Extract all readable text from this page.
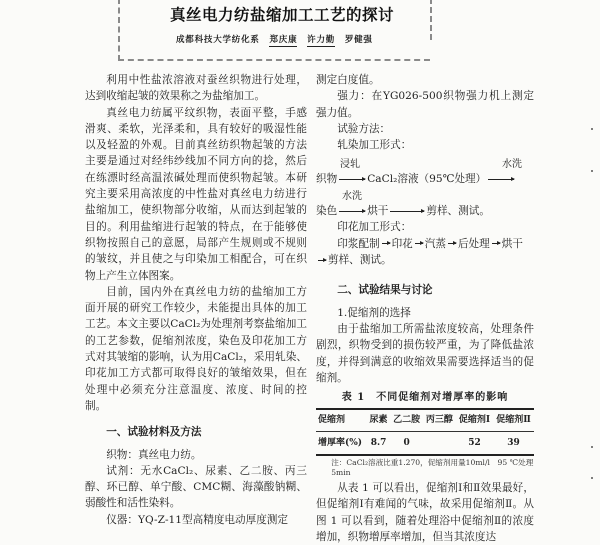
真丝电力纺盐缩加工工艺的探讨
成都科技大学纺化系 郑庆康 许力勤 罗健强

利用中性盐浓溶液对蚕丝织物进行处理，达到收缩起皱的效果称之为盐缩加工。

真丝电力纺属平纹织物，表面平整，手感滑爽、柔软，光泽柔和，具有较好的吸湿性能以及轻盈的外观。目前真丝纺织物起皱的方法主要是通过对经纬纱线加不同方向的捻，然后在练漂时经高温浓碱处理而使织物起皱。本研究主要采用高浓度的中性盐对真丝电力纺进行盐缩加工，使织物部分收缩，从而达到起皱的目的。利用盐缩进行起皱的特点，在于能够使织物按照自己的意愿，局部产生规则或不规则的皱纹，并且使之与印染加工相配合，可在织物上产生立体图案。

目前，国内外在真丝电力纺的盐缩加工方面开展的研究工作较少，未能提出具体的加工工艺。本文主要以CaCl₂为处理剂考察盐缩加工的工艺参数，促缩剂浓度，染色及印花加工方式对其皱缩的影响，认为用CaCl₂，采用轧染、印花加工方式都可取得良好的皱缩效果，但在处理中必须充分注意温度、浓度、时间的控制。

一、试验材料及方法

织物：真丝电力纺。

试剂：无水CaCl₂、尿素、乙二胺、丙三醇、环已醇、单宁酸、CMC糊、海藻酸钠糊、弱酸性和活性染料。

仪器：YQ-Z-11型高精度电动厚度测定

测定白度值。

强力：在YG026-500织物强力机上测定强力值。

试验方法：

轧染加工形式：

浸轧	水洗
织物	CaCl₂溶液（95℃处理）
水洗
染色	烘干	剪样、测试。

印花加工形式：

印浆配制 印花 汽蒸 后处理 烘干

剪样、测试。

二、试验结果与讨论

1.促缩剂的选择

由于盐缩加工所需盐浓度较高，处理条件剧烈，织物受到的损伤较严重，为了降低盐浓度，并得到满意的收缩效果需要选择适当的促缩剂。

表 1　不同促缩剂对增厚率的影响
促缩剂	尿素	乙二胺	丙三醇	促缩剂Ⅰ	促缩剂Ⅱ
增厚率(%)	8.7	0		52	39
注：CaCl₂溶液比重1.270，促缩剂用量10ml/l　95 ℃处理5min

从表 1 可以看出，促缩剂Ⅰ和Ⅱ效果最好，但促缩剂Ⅰ有难闻的气味，故采用促缩剂Ⅱ。从图 1 可以看到，随着处理浴中促缩剂Ⅱ的浓度增加，织物增厚率增加，但当其浓度达
